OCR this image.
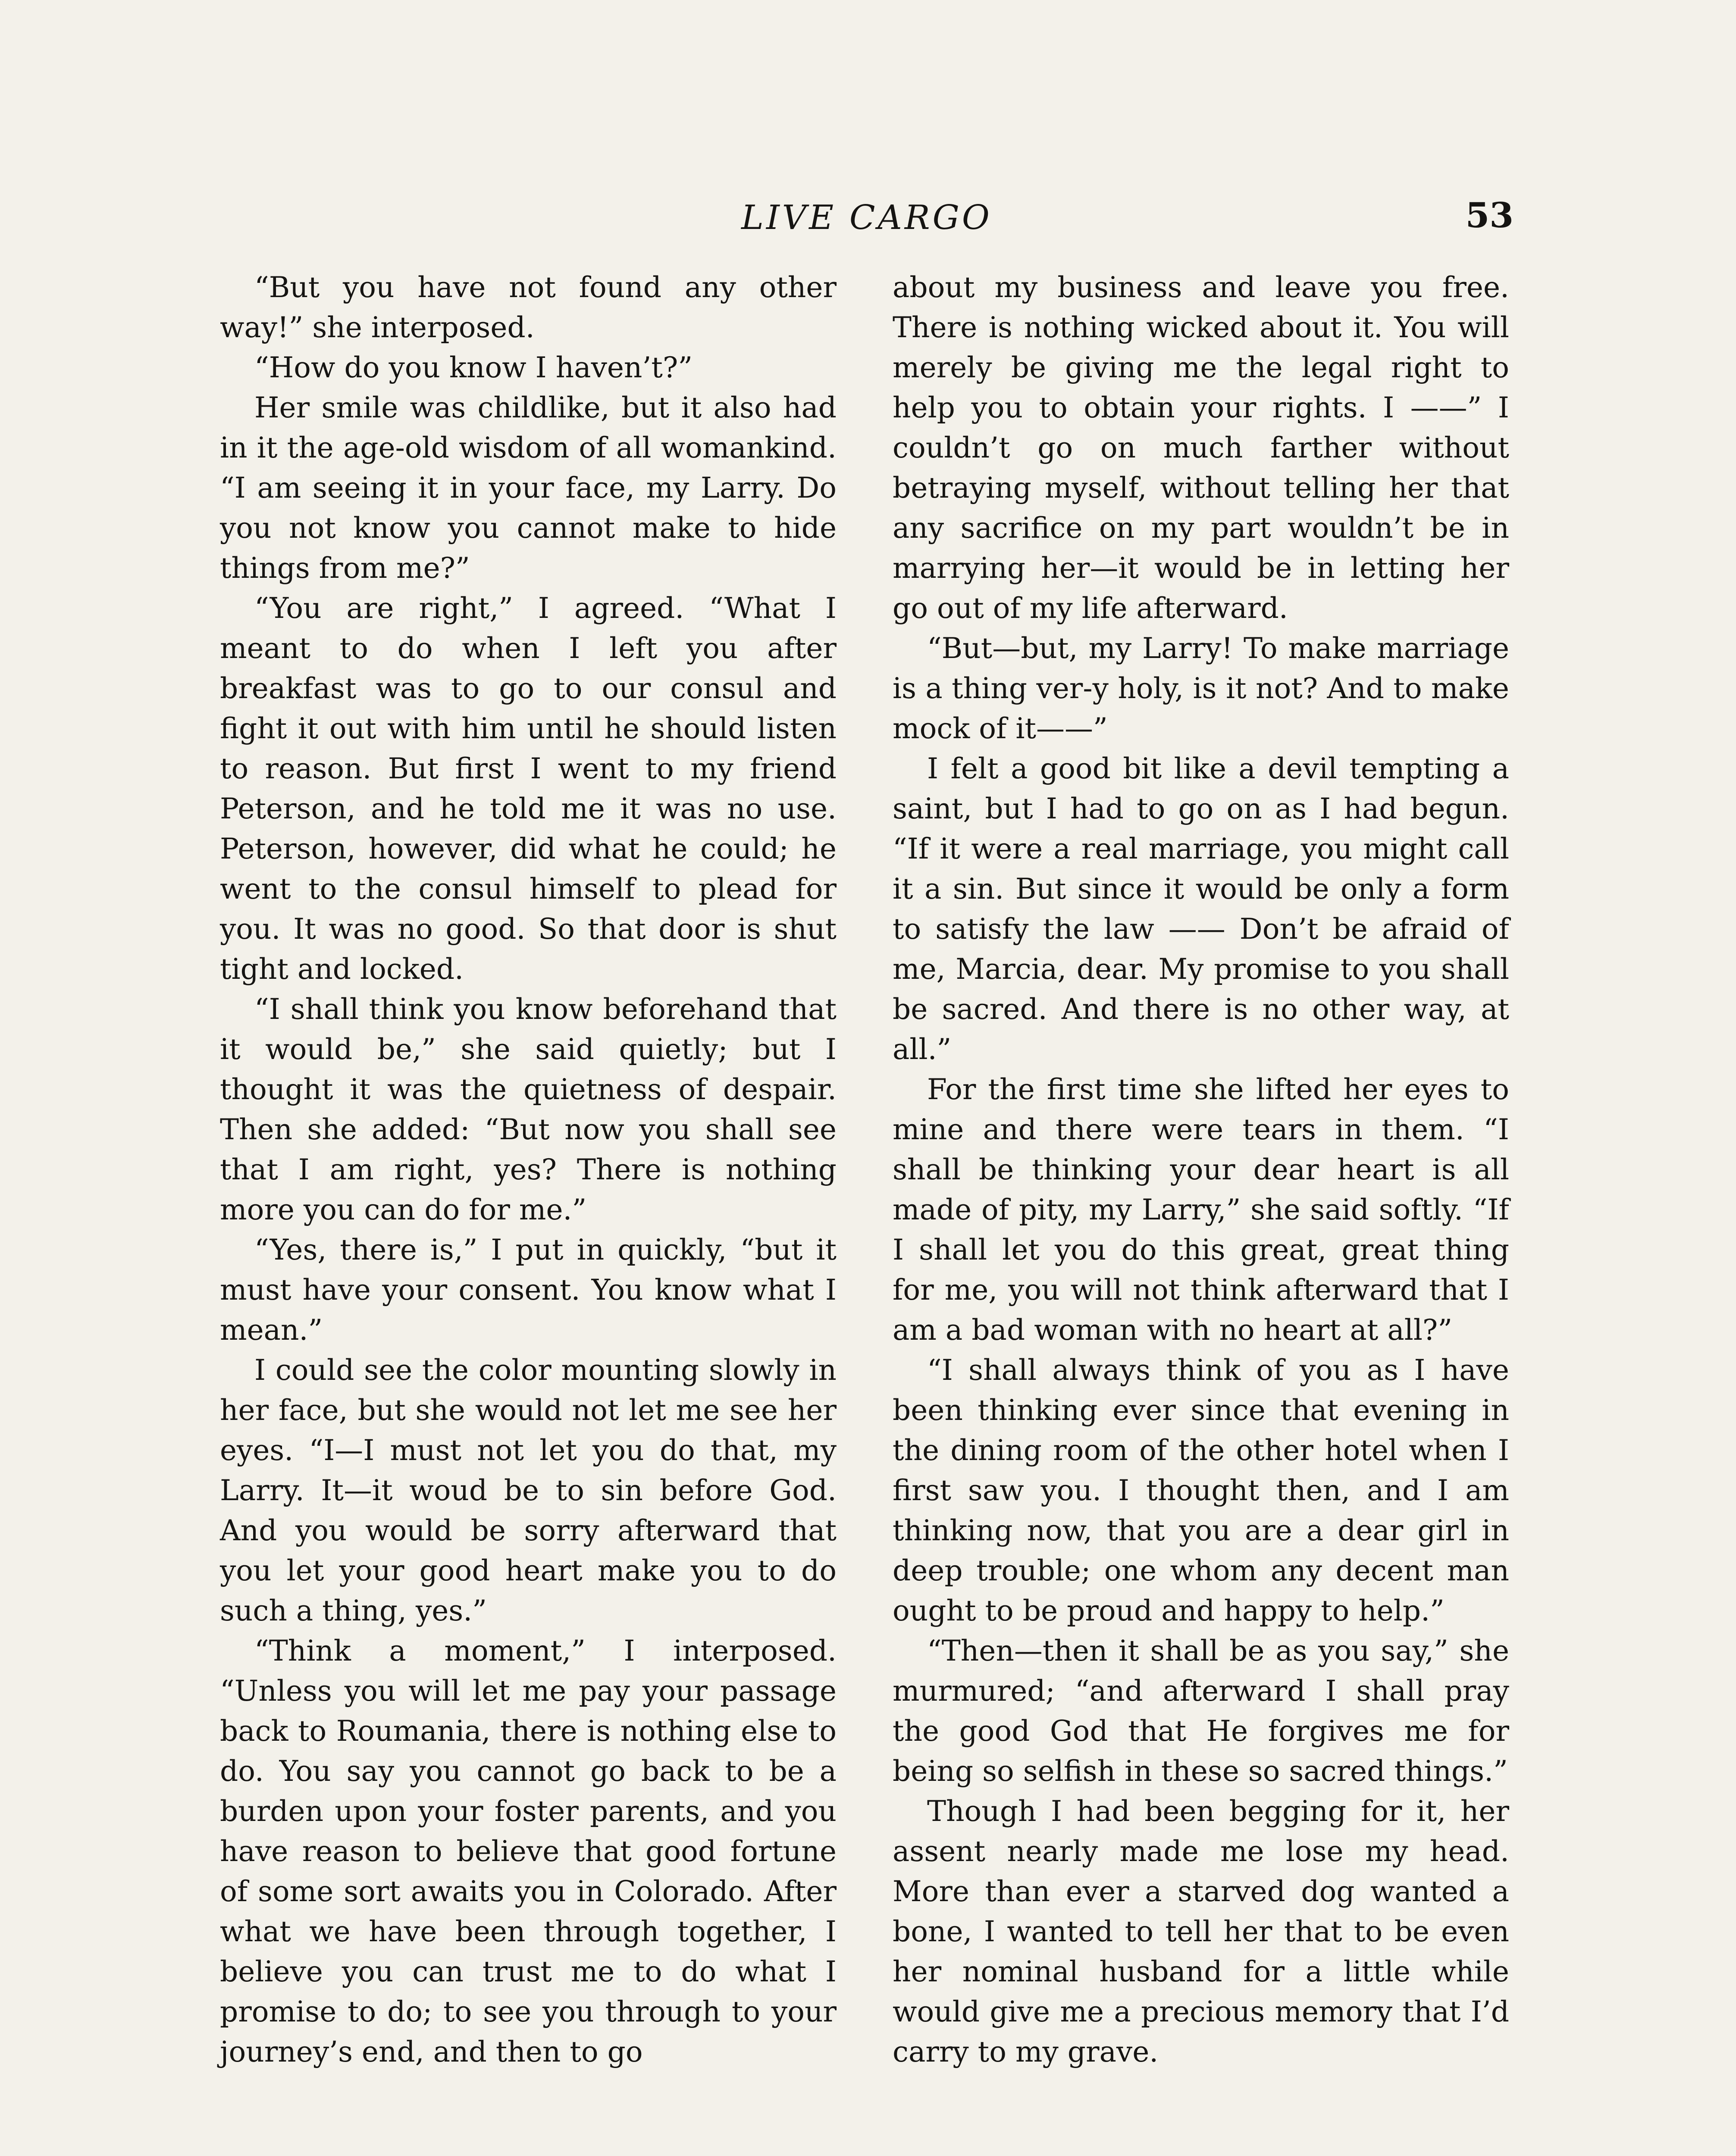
LIVE CARGO	53

“But you have not found any other way!” she interposed.

“How do you know I haven’t?”

Her smile was childlike, but it also had in it the age-old wisdom of all womankind. “I am seeing it in your face, my Larry. Do you not know you cannot make to hide things from me?”

“You are right,” I agreed. “What I meant to do when I left you after breakfast was to go to our consul and fight it out with him until he should listen to reason. But first I went to my friend Peterson, and he told me it was no use. Peterson, however, did what he could; he went to the consul himself to plead for you. It was no good. So that door is shut tight and locked.

“I shall think you know beforehand that it would be,” she said quietly; but I thought it was the quietness of despair. Then she added: “But now you shall see that I am right, yes? There is nothing more you can do for me.”

“Yes, there is,” I put in quickly, “but it must have your consent. You know what I mean.”

I could see the color mounting slowly in her face, but she would not let me see her eyes. “I—I must not let you do that, my Larry. It—it woud be to sin before God. And you would be sorry afterward that you let your good heart make you to do such a thing, yes.”

“Think a moment,” I interposed. “Unless you will let me pay your passage back to Roumania, there is nothing else to do. You say you cannot go back to be a burden upon your foster parents, and you have reason to believe that good fortune of some sort awaits you in Colorado. After what we have been through together, I believe you can trust me to do what I promise to do; to see you through to your journey’s end, and then to go

about my business and leave you free. There is nothing wicked about it. You will merely be giving me the legal right to help you to obtain your rights. I ——” I couldn’t go on much farther without betraying myself, without telling her that any sacrifice on my part wouldn’t be in marrying her—it would be in letting her go out of my life afterward.

“But—but, my Larry! To make marriage is a thing ver-y holy, is it not? And to make mock of it——”

I felt a good bit like a devil tempting a saint, but I had to go on as I had begun. “If it were a real marriage, you might call it a sin. But since it would be only a form to satisfy the law —— Don’t be afraid of me, Marcia, dear. My promise to you shall be sacred. And there is no other way, at all.”

For the first time she lifted her eyes to mine and there were tears in them. “I shall be thinking your dear heart is all made of pity, my Larry,” she said softly. “If I shall let you do this great, great thing for me, you will not think afterward that I am a bad woman with no heart at all?”

“I shall always think of you as I have been thinking ever since that evening in the dining room of the other hotel when I first saw you. I thought then, and I am thinking now, that you are a dear girl in deep trouble; one whom any decent man ought to be proud and happy to help.”

“Then—then it shall be as you say,” she murmured; “and afterward I shall pray the good God that He forgives me for being so selfish in these so sacred things.”

Though I had been begging for it, her assent nearly made me lose my head. More than ever a starved dog wanted a bone, I wanted to tell her that to be even her nominal husband for a little while would give me a precious memory that I’d carry to my grave.
